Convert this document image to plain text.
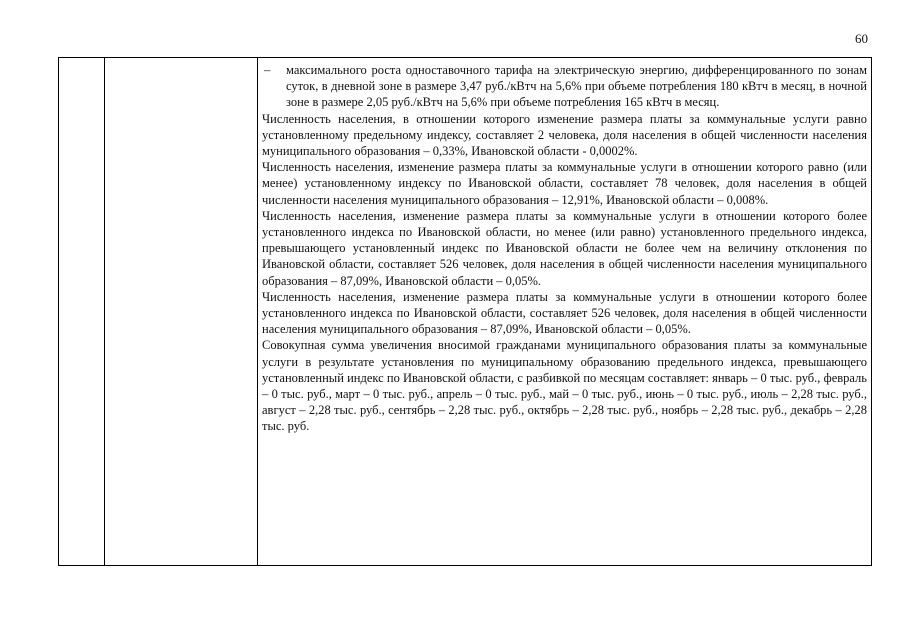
60

–	максимального роста одноставочного тарифа на электрическую энергию, дифференцированного по зонам суток, в дневной зоне в размере 3,47 руб./кВтч на 5,6% при объеме потребления 180 кВтч в месяц, в ночной зоне в размере 2,05 руб./кВтч на 5,6% при объеме потребления 165 кВтч в месяц.

Численность населения, в отношении которого изменение размера платы за коммунальные услуги равно установленному предельному индексу, составляет 2 человека, доля населения в общей численности населения муниципального образования – 0,33%, Ивановской области - 0,0002%.

Численность населения, изменение размера платы за коммунальные услуги в отношении которого равно (или менее) установленному индексу по Ивановской области, составляет 78 человек, доля населения в общей численности населения муниципального образования – 12,91%, Ивановской области – 0,008%.

Численность населения, изменение размера платы за коммунальные услуги в отношении которого более установленного индекса по Ивановской области, но менее (или равно) установленного предельного индекса, превышающего установленный индекс по Ивановской области не более чем на величину отклонения по Ивановской области, составляет 526 человек, доля населения в общей численности населения муниципального образования – 87,09%, Ивановской области – 0,05%.

Численность населения, изменение размера платы за коммунальные услуги в отношении которого более установленного индекса по Ивановской области, составляет 526 человек, доля населения в общей численности населения муниципального образования – 87,09%, Ивановской области – 0,05%.

Совокупная сумма увеличения вносимой гражданами муниципального образования платы за коммунальные услуги в результате установления по муниципальному образованию предельного индекса, превышающего установленный индекс по Ивановской области, с разбивкой по месяцам составляет: январь – 0 тыс. руб., февраль – 0 тыс. руб., март – 0 тыс. руб., апрель – 0 тыс. руб., май – 0 тыс. руб., июнь – 0 тыс. руб., июль – 2,28 тыс. руб., август – 2,28 тыс. руб., сентябрь – 2,28 тыс. руб., октябрь – 2,28 тыс. руб., ноябрь – 2,28 тыс. руб., декабрь – 2,28 тыс. руб.
